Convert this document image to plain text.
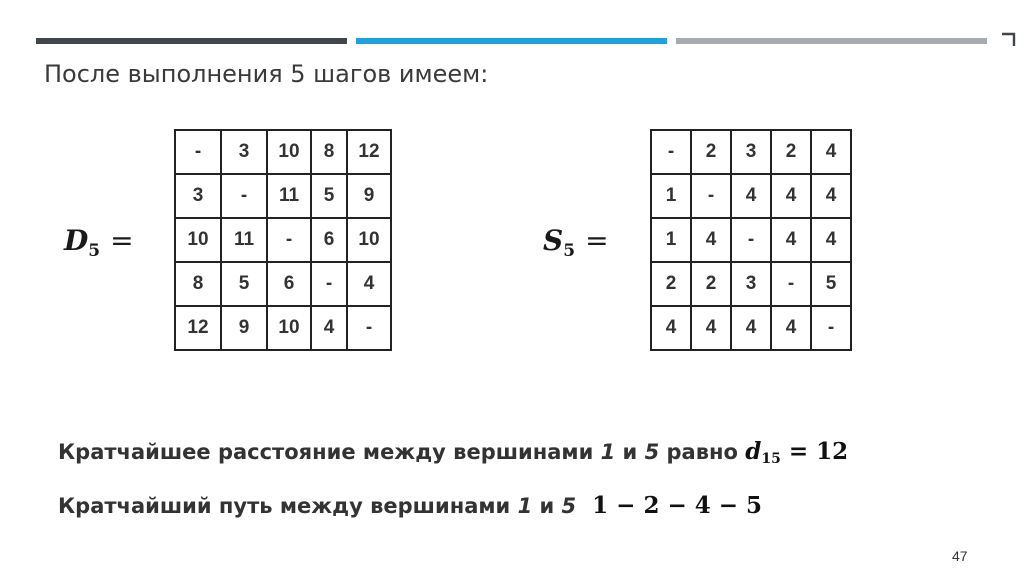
После выполнения 5 шагов имеем:
$D_5$ =
-	3	10	8	12
3	-	11	5	9
10	11	-	6	10
8	5	6	-	4
12	9	10	4	-
$S_5$ =
-	2	3	2	4
1	-	4	4	4
1	4	-	4	4
2	2	3	-	5
4	4	4	4	-
Кратчайшее расстояние между вершинами 1 и 5 равно $d_{15} = 12$
Кратчайший путь между вершинами 1 и 5  1 − 2 − 4 − 5
47
